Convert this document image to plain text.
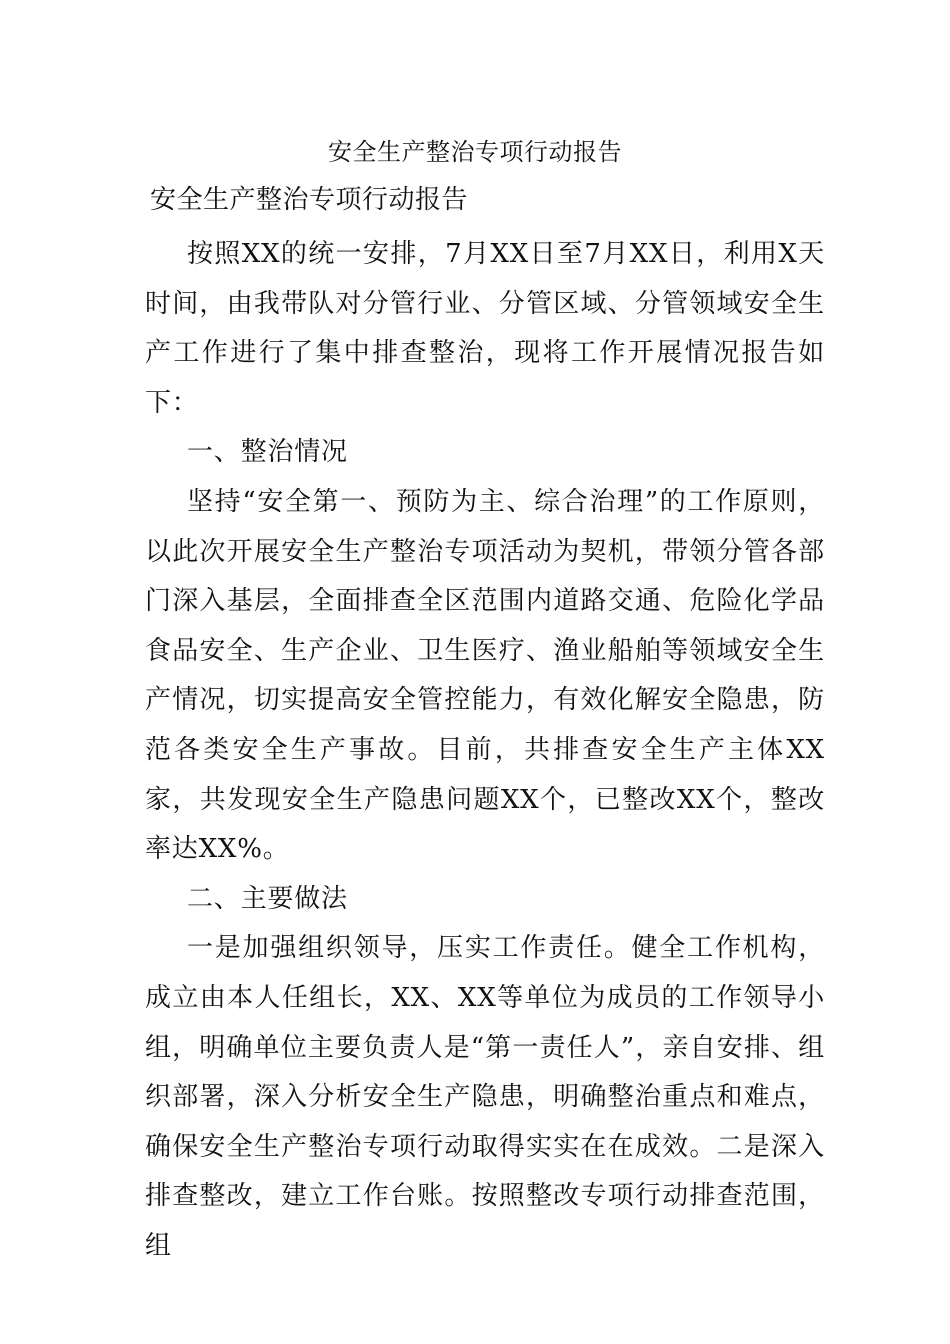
安全生产整治专项行动报告
安全生产整治专项行动报告

按照XX的统一安排，7月XX日至7月XX日，利用X天时间，由我带队对分管行业、分管区域、分管领域安全生产工作进行了集中排查整治，现将工作开展情况报告如下：

一、整治情况

坚持“安全第一、预防为主、综合治理”的工作原则，以此次开展安全生产整治专项活动为契机，带领分管各部门深入基层，全面排查全区范围内道路交通、危险化学品食品安全、生产企业、卫生医疗、渔业船舶等领域安全生产情况，切实提高安全管控能力，有效化解安全隐患，防范各类安全生产事故。目前，共排查安全生产主体XX家，共发现安全生产隐患问题XX个，已整改XX个，整改率达XX%。

二、主要做法

一是加强组织领导，压实工作责任。健全工作机构，成立由本人任组长，XX、XX等单位为成员的工作领导小组，明确单位主要负责人是“第一责任人”，亲自安排、组织部署，深入分析安全生产隐患，明确整治重点和难点，确保安全生产整治专项行动取得实实在在成效。二是深入排查整改，建立工作台账。按照整改专项行动排查范围，组
